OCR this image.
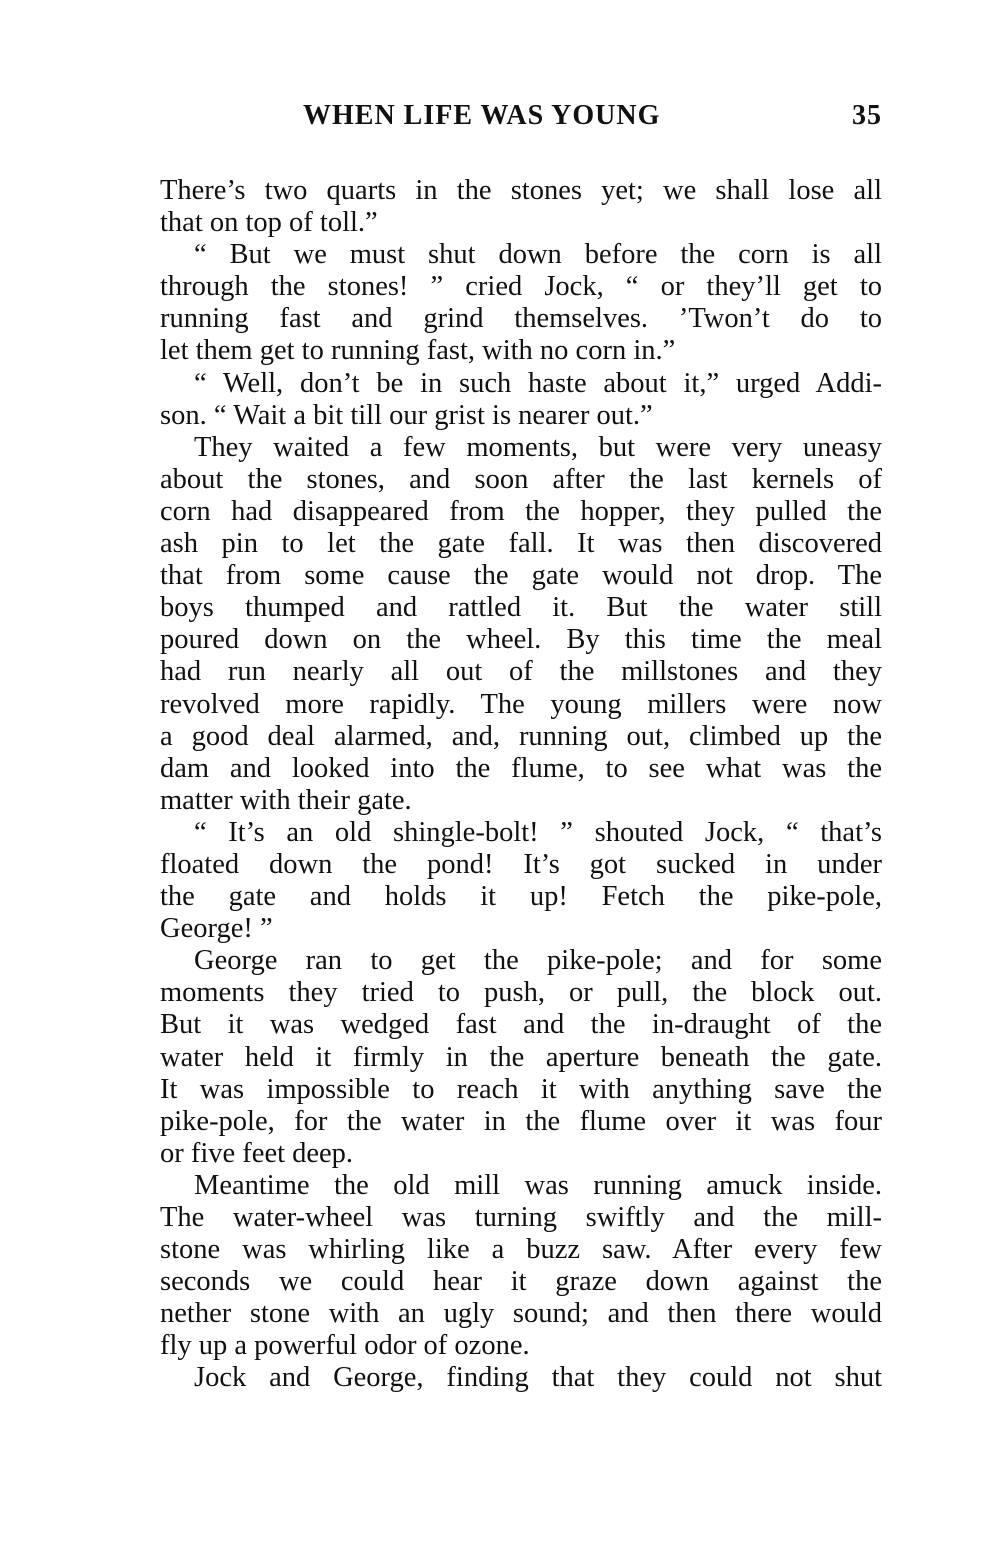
WHEN LIFE WAS YOUNG	35
There’s two quarts in the stones yet; we shall lose all
that on top of toll.”
“ But we must shut down before the corn is all
through the stones! ” cried Jock, “ or they’ll get to
running fast and grind themselves. ’Twon’t do to
let them get to running fast, with no corn in.”
“ Well, don’t be in such haste about it,” urged Addi-
son. “ Wait a bit till our grist is nearer out.”
They waited a few moments, but were very uneasy
about the stones, and soon after the last kernels of
corn had disappeared from the hopper, they pulled the
ash pin to let the gate fall. It was then discovered
that from some cause the gate would not drop. The
boys thumped and rattled it. But the water still
poured down on the wheel. By this time the meal
had run nearly all out of the millstones and they
revolved more rapidly. The young millers were now
a good deal alarmed, and, running out, climbed up the
dam and looked into the flume, to see what was the
matter with their gate.
“ It’s an old shingle-bolt! ” shouted Jock, “ that’s
floated down the pond! It’s got sucked in under
the gate and holds it up! Fetch the pike-pole,
George! ”
George ran to get the pike-pole; and for some
moments they tried to push, or pull, the block out.
But it was wedged fast and the in-draught of the
water held it firmly in the aperture beneath the gate.
It was impossible to reach it with anything save the
pike-pole, for the water in the flume over it was four
or five feet deep.
Meantime the old mill was running amuck inside.
The water-wheel was turning swiftly and the mill-
stone was whirling like a buzz saw. After every few
seconds we could hear it graze down against the
nether stone with an ugly sound; and then there would
fly up a powerful odor of ozone.
Jock and George, finding that they could not shut
